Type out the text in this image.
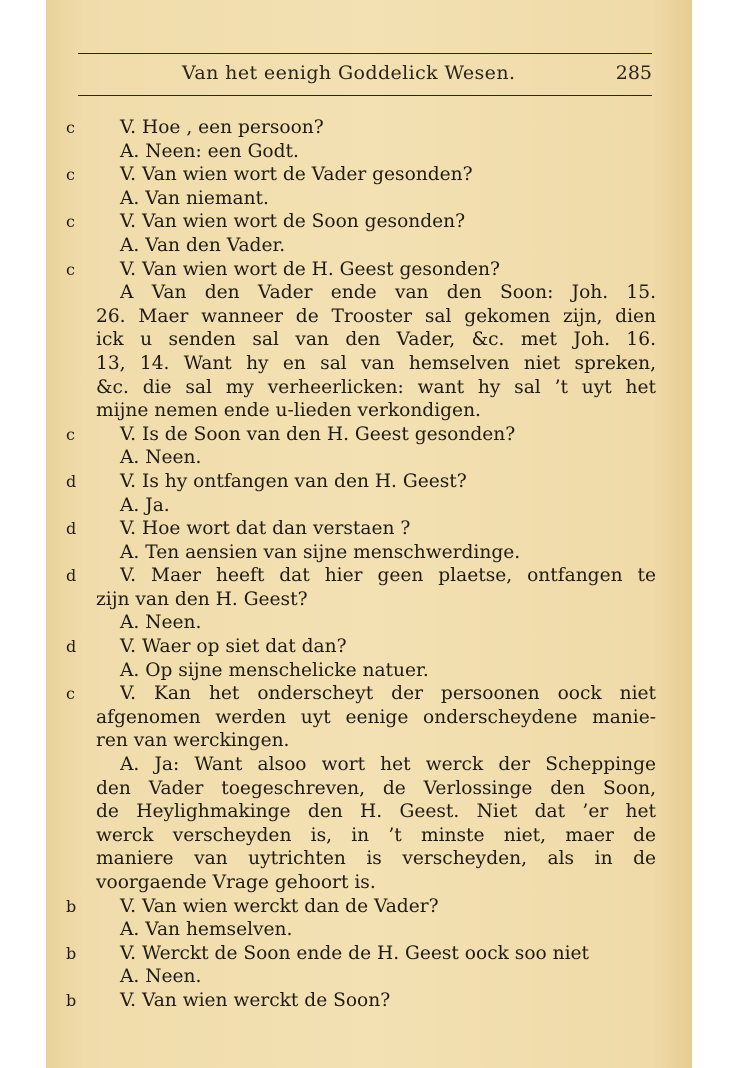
Van het eenigh Goddelick Wesen.	285
c V. Hoe , een persoon?
A. Neen: een Godt.
c V. Van wien wort de Vader gesonden?
A. Van niemant.
c V. Van wien wort de Soon gesonden?
A. Van den Vader.
c V. Van wien wort de H. Geest gesonden?
A Van den Vader ende van den Soon: Joh. 15.
26. Maer wanneer de Trooster sal gekomen zijn, dien
ick u senden sal van den Vader, &c. met Joh. 16.
13, 14. Want hy en sal van hemselven niet spreken,
&c. die sal my verheerlicken: want hy sal ’t uyt het
mijne nemen ende u-lieden verkondigen.
c V. Is de Soon van den H. Geest gesonden?
A. Neen.
d V. Is hy ontfangen van den H. Geest?
A. Ja.
d V. Hoe wort dat dan verstaen ?
A. Ten aensien van sijne menschwerdinge.
d V. Maer heeft dat hier geen plaetse, ontfangen te
zijn van den H. Geest?
A. Neen.
d V. Waer op siet dat dan?
A. Op sijne menschelicke natuer.
c V. Kan het onderscheyt der persoonen oock niet
afgenomen werden uyt eenige onderscheydene manie-
ren van werckingen.
A. Ja: Want alsoo wort het werck der Scheppinge
den Vader toegeschreven, de Verlossinge den Soon,
de Heylighmakinge den H. Geest. Niet dat ’er het
werck verscheyden is, in ’t minste niet, maer de
maniere van uytrichten is verscheyden, als in de
voorgaende Vrage gehoort is.
b V. Van wien werckt dan de Vader?
A. Van hemselven.
b V. Werckt de Soon ende de H. Geest oock soo niet
A. Neen.
b V. Van wien werckt de Soon?
